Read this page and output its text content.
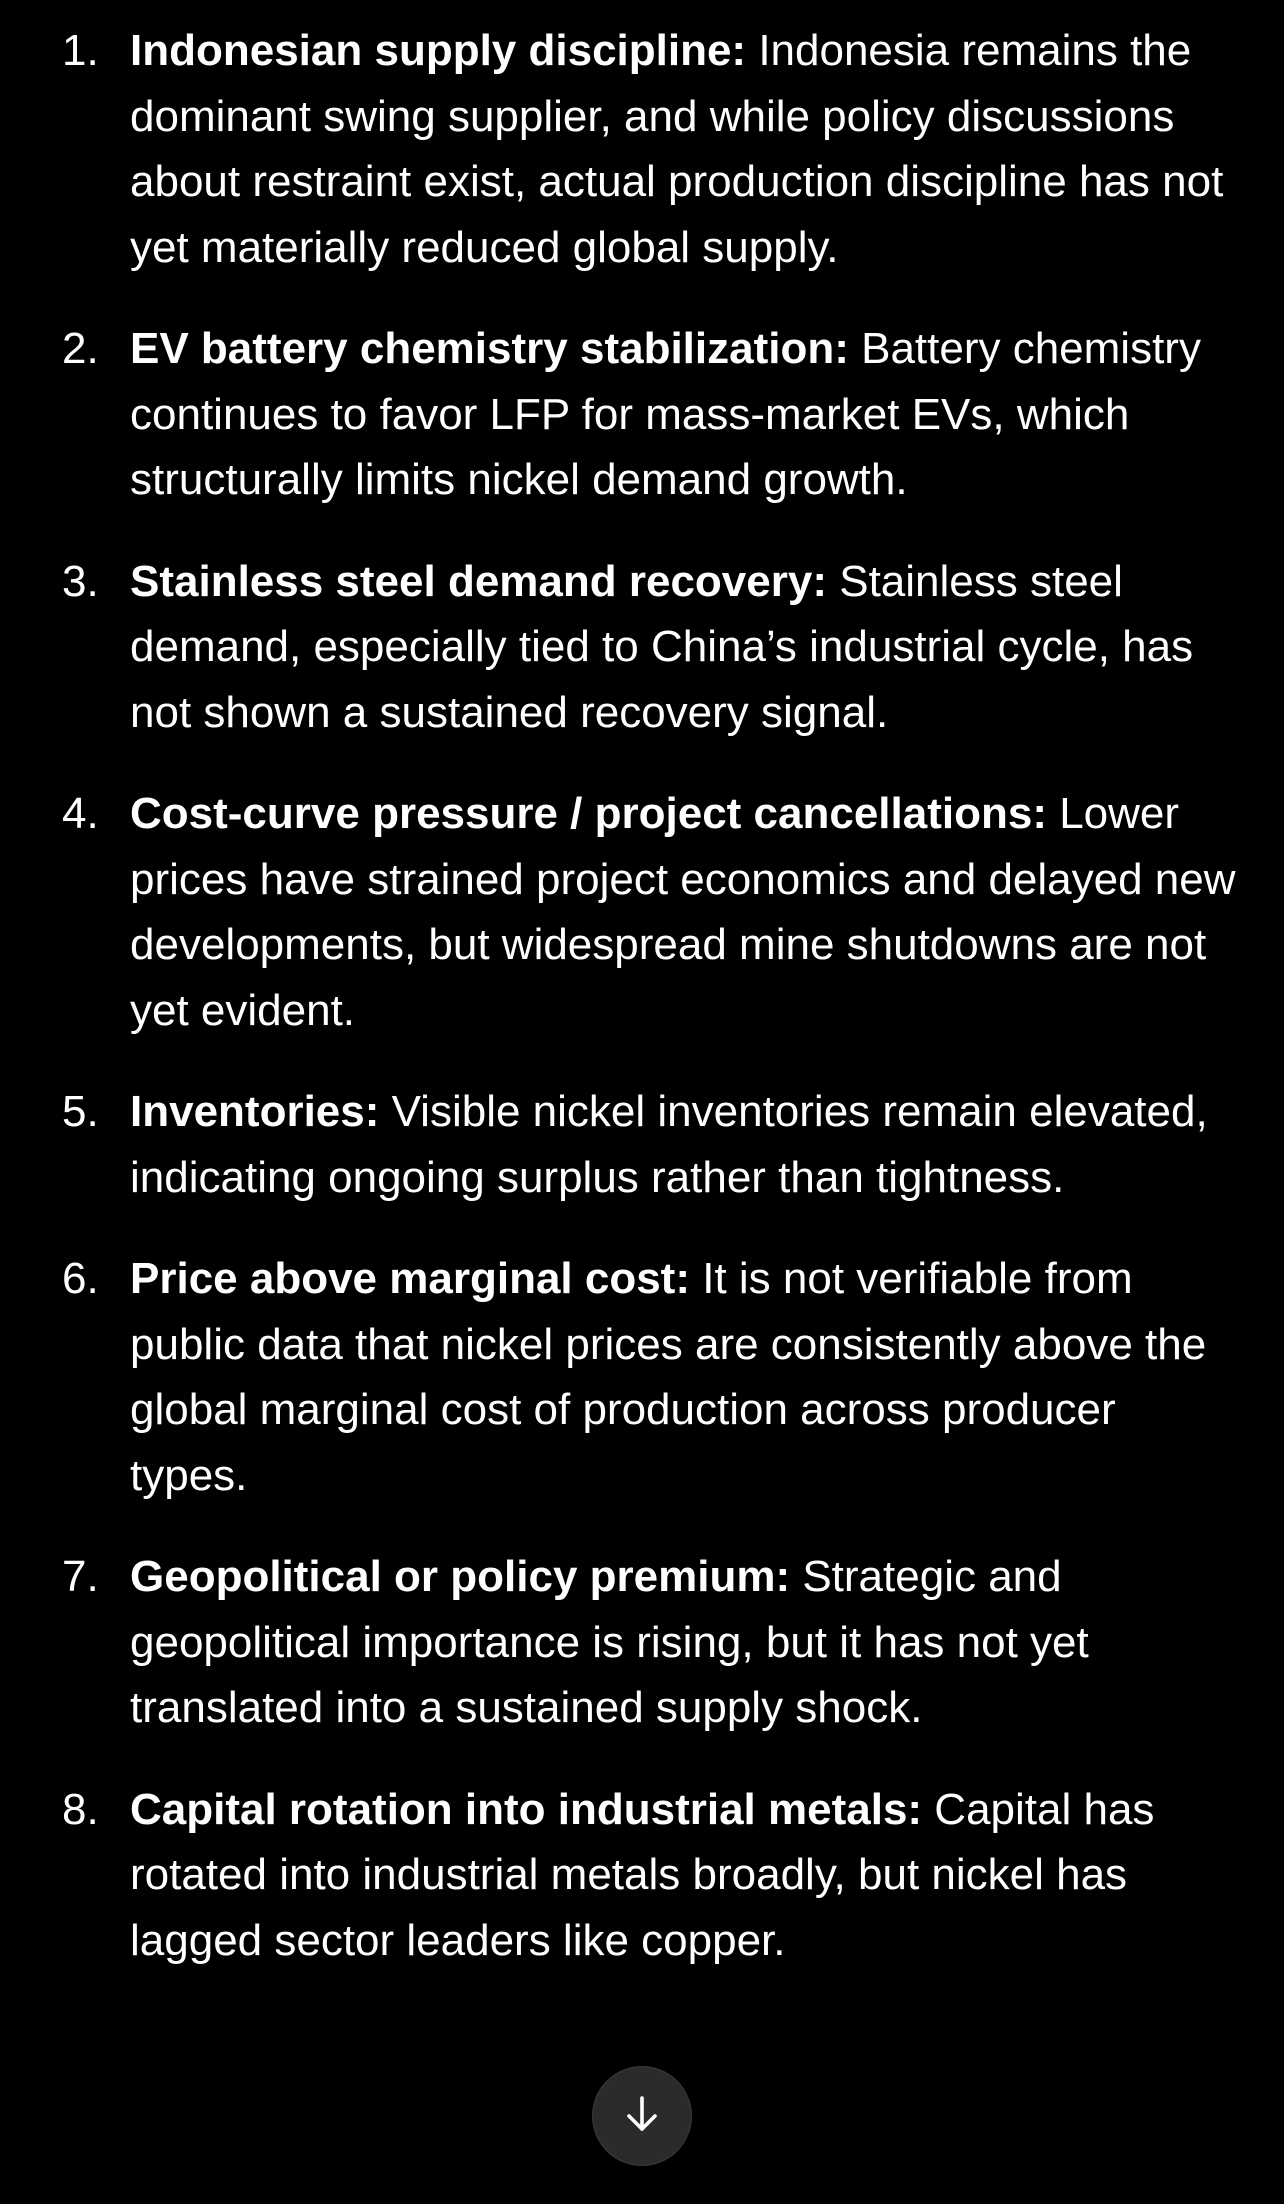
1. Indonesian supply discipline: Indonesia remains the dominant swing supplier, and while policy discussions about restraint exist, actual production discipline has not yet materially reduced global supply.
2. EV battery chemistry stabilization: Battery chemistry continues to favor LFP for mass-market EVs, which structurally limits nickel demand growth.
3. Stainless steel demand recovery: Stainless steel demand, especially tied to China’s industrial cycle, has not shown a sustained recovery signal.
4. Cost-curve pressure / project cancellations: Lower prices have strained project economics and delayed new developments, but widespread mine shutdowns are not yet evident.
5. Inventories: Visible nickel inventories remain elevated, indicating ongoing surplus rather than tightness.
6. Price above marginal cost: It is not verifiable from public data that nickel prices are consistently above the global marginal cost of production across producer types.
7. Geopolitical or policy premium: Strategic and geopolitical importance is rising, but it has not yet translated into a sustained supply shock.
8. Capital rotation into industrial metals: Capital has rotated into industrial metals broadly, but nickel has lagged sector leaders like copper.
